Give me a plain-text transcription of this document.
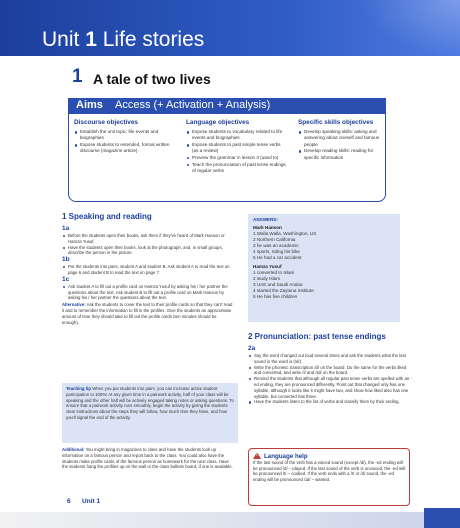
Unit 1 Life stories
1 A tale of two lives
Aims Access (+ Activation + Analysis)
Discourse objectives
Establish the unit topic: life events and biographies
Expose students to extended, formal written discourse (magazine article)
Language objectives
Expose students to vocabulary related to life events and biographies
Expose students to past simple tense verbs (as a review)
Preview the grammar in lesson 3 (used to)
Teach the pronunciation of past tense endings of regular verbs
Specific skills objectives
Develop speaking skills: asking and answering about oneself and famous people
Develop reading skills: reading for specific information
1 Speaking and reading
1a
Before the students open their books, ask them if they've heard of Mark Hanson or Hamza Yusuf.
Have the students open their books, look at the photograph, and, in small groups, describe the person in the picture.
1b
Put the students into pairs, student A and student B. Ask student A to read the text on page 6 and student B to read the text on page 7.
1c
Ask student A to fill out a profile card on Hamza Yusuf by asking his / her partner the questions about the text. Ask student B to fill out a profile card on Mark Hanson by asking his / her partner the questions about the text.
Alternative: Ask the students to cover the text to their profile cards so that they can't read it and to remember the information to fill in the profiles. Give the students an approximate amount of time they should take to fill out the profile cards (ten minutes should be enough).
Teaching tip When you put students into pairs, you can increase active student participation to 100%! At any given time in a pairwork activity, half of your class will be speaking and the other half will be actively engaged taking notes or asking questions. To ensure that a pairwork activity runs smoothly, begin the activity by giving the students clear instructions about the steps they will follow, how much time they have, and how you'll signal the end of the activity.
Additional: You might bring in magazines to class and have the students look up information on a famous person and report back to the class. You could also have the students make profile cards of the famous person as homework for the next class. Have the students hang the profiles up on the wall or the class bulletin board, if one is available.
ANSWERS:
Mark Hanson
1 Walla Walla, Washington, US
2 Northern California
3 he was an academic
4 sports, riding his bike
5 He had a car accident
Hamza Yusuf
1 converted to Islam
2 study Islam
3 UAE and Saudi Arabia
4 started the Zaytuna Institute
5 He has five children
2 Pronunciation: past tense endings
2a
Say the word changed out loud several times and ask the students what the last sound in the word is (/d/).
Write the phonetic transcription /d/ on the board. Do the same for the verbs liked and converted, and write /t/ and /ɪd/ on the board.
Remind the students that although all regular past tense verbs are spelled with an -ed ending, they are pronounced differently. Point out that changed only has one syllable, although it looks like it might have two, and show how liked also has one syllable, but converted has three.
Have the students listen to the list of verbs and classify them by their ending.
!Language help
If the last sound of the verb has a voiced sound (except /d/), the -ed ending will be pronounced /d/ – played. If the last sound of the verb is unvoiced, the -ed will be pronounced /t/ – cooked. If the verb ends with a /t/ or /d/ sound, the -ed ending will be pronounced /ɪd/ – wanted.
6 Unit 1
